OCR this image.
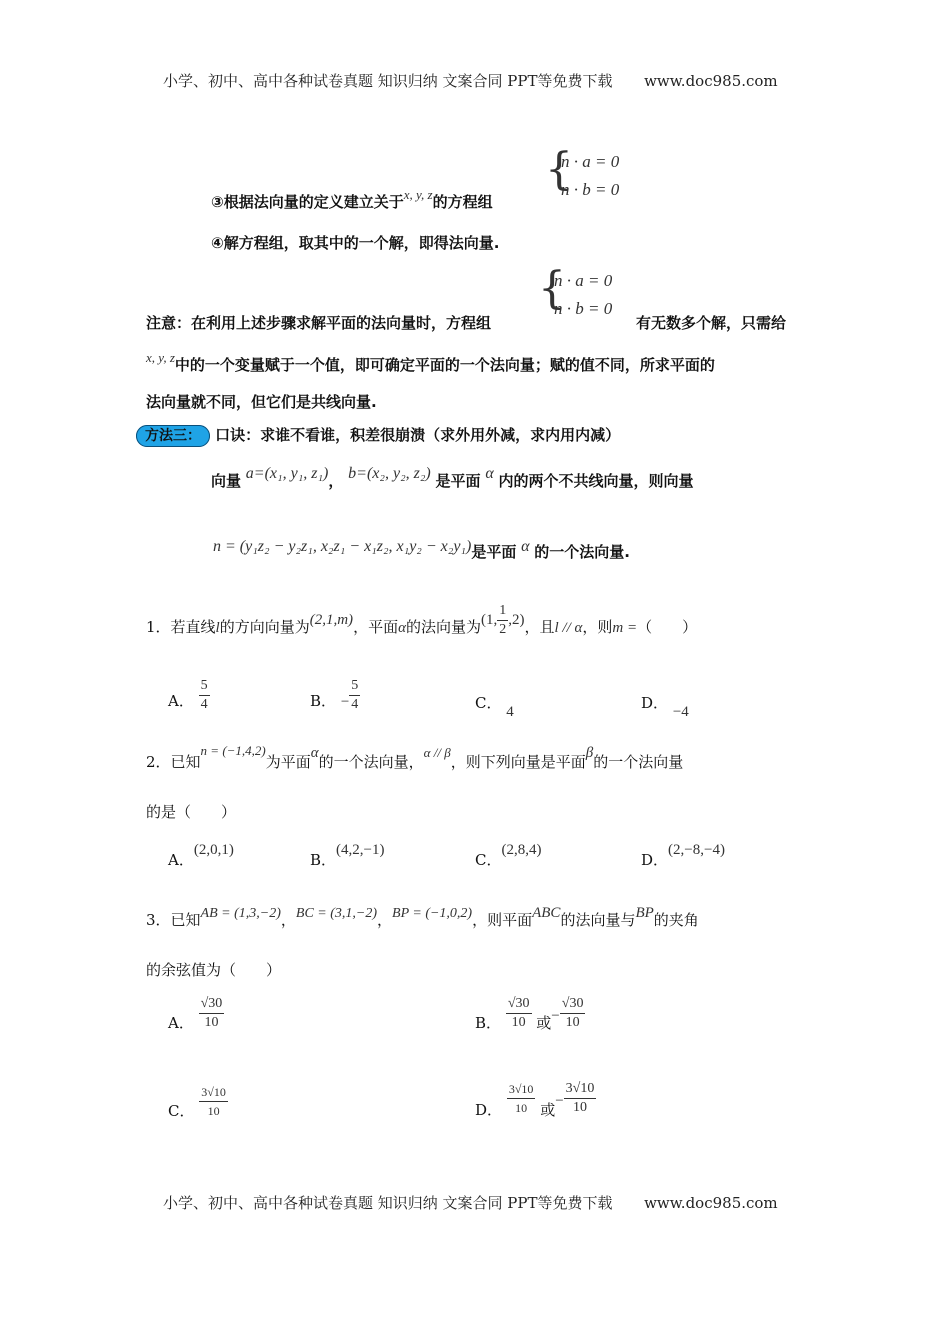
小学、初中、高中各种试卷真题 知识归纳 文案合同 PPT等免费下载 www.doc985.com
{
n · a = 0
n · b = 0
③根据法向量的定义建立关于x, y, z的方程组
④解方程组，取其中的一个解，即得法向量.
{
n · a = 0
n · b = 0
注意：在利用上述步骤求解平面的法向量时，方程组	有无数多个解，只需给
x, y, z中的一个变量赋于一个值，即可确定平面的一个法向量；赋的值不同，所求平面的
法向量就不同，但它们是共线向量.
方法三： 口诀：求谁不看谁，积差很崩溃（求外用外减，求内用内减）
向量 a=(x₁, y₁, z₁)， b=(x₂, y₂, z₂) 是平面 α 内的两个不共线向量，则向量
n = (y₁z₂ − y₂z₁, x₂z₁ − x₁z₂, x₁y₂ − x₂y₁)是平面 α 的一个法向量.
1．若直线l的方向向量为(2,1,m)，平面α的法向量为(1, $\frac{1}{2} ,2$)，且l // α，则m =（　　）
A． $\frac{5}{4}$	B． − $\frac{5}{4}$	C． 4	D． −4
2．已知n = (−1,4,2)为平面α的一个法向量，α // β，则下列向量是平面β的一个法向量
的是（　　）
A．(2,0,1)
B．(4,2,−1)
C．(2,8,4)
D．(2,−8,−4)
3．已知AB = (1,3,−2)，BC = (3,1,−2)，BP = (−1,0,2)，则平面ABC的法向量与BP的夹角
的余弦值为（　　）
A． $\frac{√30}{10}$	B． $\frac{√30}{10}$ 或− $\frac{√30}{10}$
C． $\frac{3√10}{10}$	D． $\frac{3√10}{10}$ 或− $\frac{3√10}{10}$
小学、初中、高中各种试卷真题 知识归纳 文案合同 PPT等免费下载 www.doc985.com
